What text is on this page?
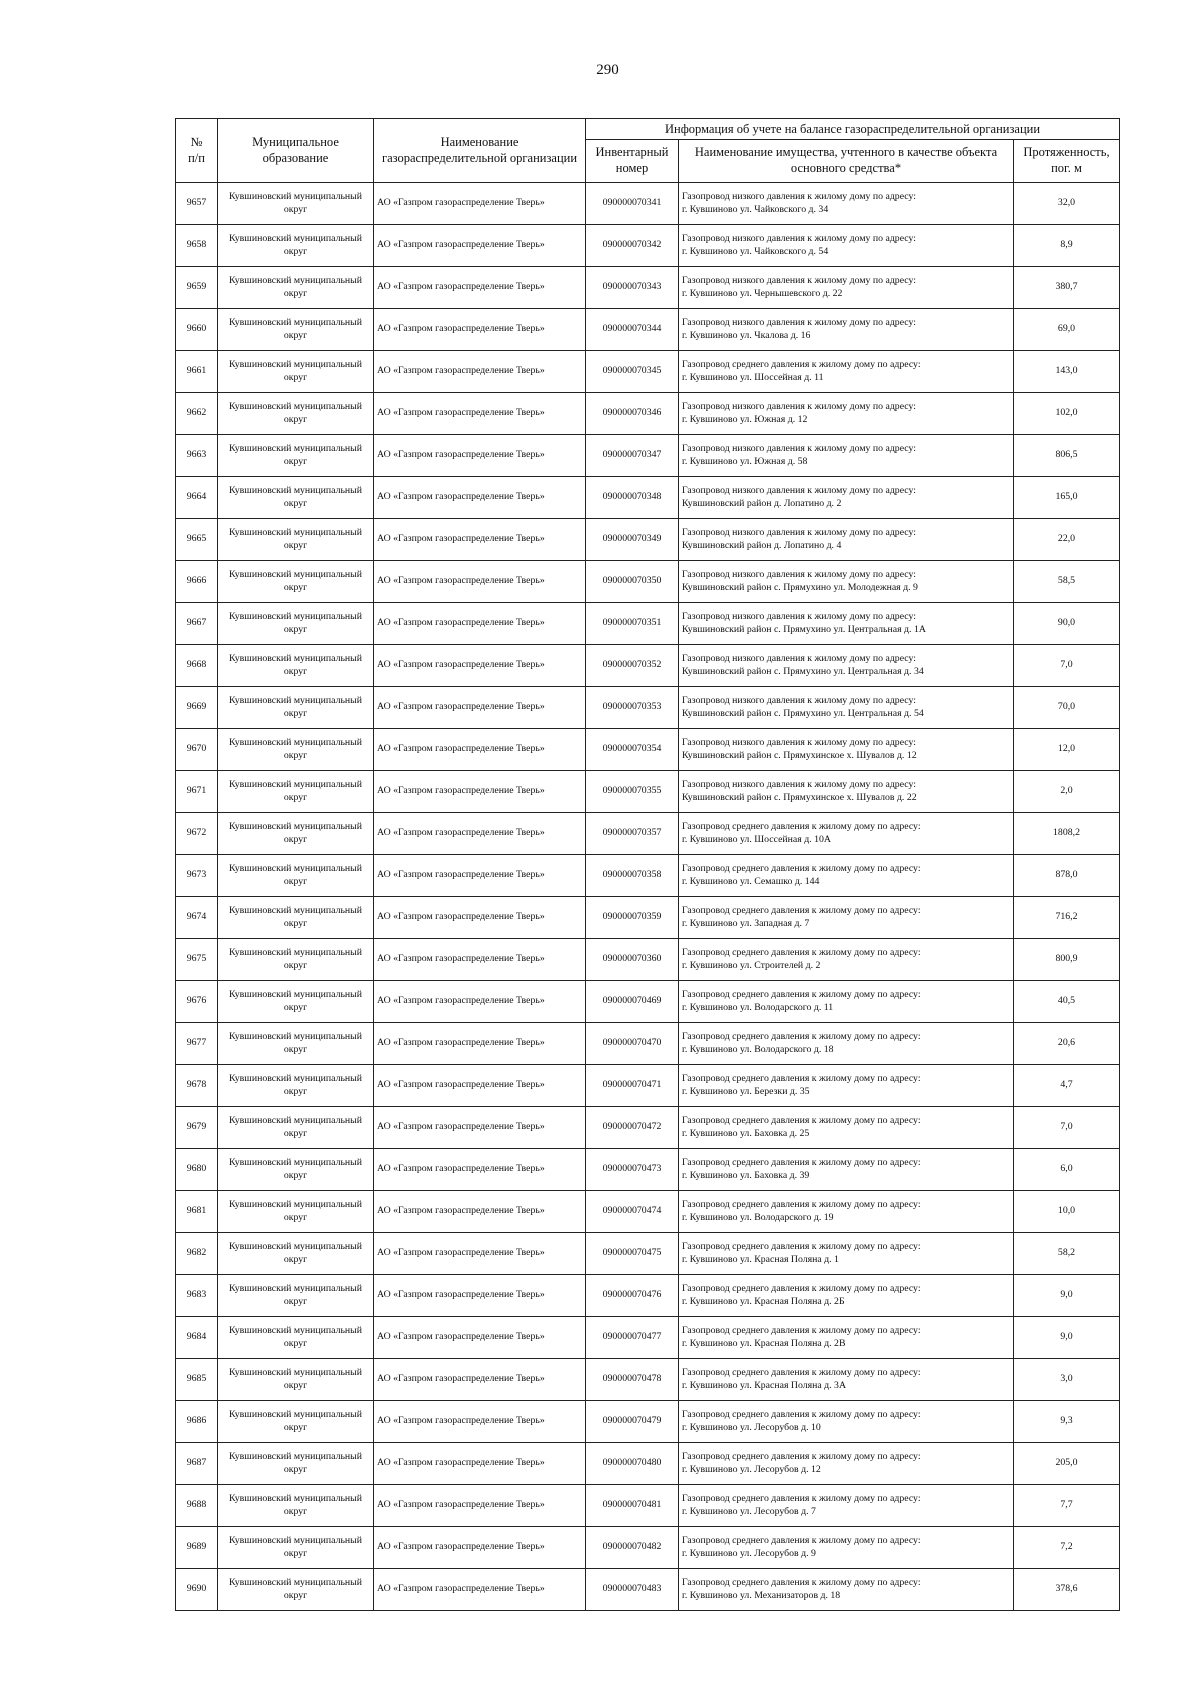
290
№
п/п	Муниципальное образование	Наименование газораспределительной организации	Информация об учете на балансе газораспределительной организации		
			Инвентарный номер	Наименование имущества, учтенного в качестве объекта основного средства*	Протяженность, пог. м
9657	Кувшиновский муниципальный округ	АО «Газпром газораспределение Тверь»	090000070341	Газопровод низкого давления к жилому дому по адресу:
г. Кувшиново ул. Чайковского д. 34	32,0
9658	Кувшиновский муниципальный округ	АО «Газпром газораспределение Тверь»	090000070342	Газопровод низкого давления к жилому дому по адресу:
г. Кувшиново ул. Чайковского д. 54	8,9
9659	Кувшиновский муниципальный округ	АО «Газпром газораспределение Тверь»	090000070343	Газопровод низкого давления к жилому дому по адресу:
г. Кувшиново ул. Чернышевского д. 22	380,7
9660	Кувшиновский муниципальный округ	АО «Газпром газораспределение Тверь»	090000070344	Газопровод низкого давления к жилому дому по адресу:
г. Кувшиново ул. Чкалова д. 16	69,0
9661	Кувшиновский муниципальный округ	АО «Газпром газораспределение Тверь»	090000070345	Газопровод среднего давления к жилому дому по адресу:
г. Кувшиново ул. Шоссейная д. 11	143,0
9662	Кувшиновский муниципальный округ	АО «Газпром газораспределение Тверь»	090000070346	Газопровод низкого давления к жилому дому по адресу:
г. Кувшиново ул. Южная д. 12	102,0
9663	Кувшиновский муниципальный округ	АО «Газпром газораспределение Тверь»	090000070347	Газопровод низкого давления к жилому дому по адресу:
г. Кувшиново ул. Южная д. 58	806,5
9664	Кувшиновский муниципальный округ	АО «Газпром газораспределение Тверь»	090000070348	Газопровод низкого давления к жилому дому по адресу:
Кувшиновский район д. Лопатино д. 2	165,0
9665	Кувшиновский муниципальный округ	АО «Газпром газораспределение Тверь»	090000070349	Газопровод низкого давления к жилому дому по адресу:
Кувшиновский район д. Лопатино д. 4	22,0
9666	Кувшиновский муниципальный округ	АО «Газпром газораспределение Тверь»	090000070350	Газопровод низкого давления к жилому дому по адресу:
Кувшиновский район с. Прямухино ул. Молодежная д. 9	58,5
9667	Кувшиновский муниципальный округ	АО «Газпром газораспределение Тверь»	090000070351	Газопровод низкого давления к жилому дому по адресу:
Кувшиновский район с. Прямухино ул. Центральная д. 1А	90,0
9668	Кувшиновский муниципальный округ	АО «Газпром газораспределение Тверь»	090000070352	Газопровод низкого давления к жилому дому по адресу:
Кувшиновский район с. Прямухино ул. Центральная д. 34	7,0
9669	Кувшиновский муниципальный округ	АО «Газпром газораспределение Тверь»	090000070353	Газопровод низкого давления к жилому дому по адресу:
Кувшиновский район с. Прямухино ул. Центральная д. 54	70,0
9670	Кувшиновский муниципальный округ	АО «Газпром газораспределение Тверь»	090000070354	Газопровод низкого давления к жилому дому по адресу:
Кувшиновский район с. Прямухинское х. Шувалов д. 12	12,0
9671	Кувшиновский муниципальный округ	АО «Газпром газораспределение Тверь»	090000070355	Газопровод низкого давления к жилому дому по адресу:
Кувшиновский район с. Прямухинское х. Шувалов д. 22	2,0
9672	Кувшиновский муниципальный округ	АО «Газпром газораспределение Тверь»	090000070357	Газопровод среднего давления к жилому дому по адресу:
г. Кувшиново ул. Шоссейная д. 10А	1808,2
9673	Кувшиновский муниципальный округ	АО «Газпром газораспределение Тверь»	090000070358	Газопровод среднего давления к жилому дому по адресу:
г. Кувшиново ул. Семашко д. 144	878,0
9674	Кувшиновский муниципальный округ	АО «Газпром газораспределение Тверь»	090000070359	Газопровод среднего давления к жилому дому по адресу:
г. Кувшиново ул. Западная д. 7	716,2
9675	Кувшиновский муниципальный округ	АО «Газпром газораспределение Тверь»	090000070360	Газопровод среднего давления к жилому дому по адресу:
г. Кувшиново ул. Строителей д. 2	800,9
9676	Кувшиновский муниципальный округ	АО «Газпром газораспределение Тверь»	090000070469	Газопровод среднего давления к жилому дому по адресу:
г. Кувшиново ул. Володарского д. 11	40,5
9677	Кувшиновский муниципальный округ	АО «Газпром газораспределение Тверь»	090000070470	Газопровод среднего давления к жилому дому по адресу:
г. Кувшиново ул. Володарского д. 18	20,6
9678	Кувшиновский муниципальный округ	АО «Газпром газораспределение Тверь»	090000070471	Газопровод среднего давления к жилому дому по адресу:
г. Кувшиново ул. Березки д. 35	4,7
9679	Кувшиновский муниципальный округ	АО «Газпром газораспределение Тверь»	090000070472	Газопровод среднего давления к жилому дому по адресу:
г. Кувшиново ул. Баховка д. 25	7,0
9680	Кувшиновский муниципальный округ	АО «Газпром газораспределение Тверь»	090000070473	Газопровод среднего давления к жилому дому по адресу:
г. Кувшиново ул. Баховка д. 39	6,0
9681	Кувшиновский муниципальный округ	АО «Газпром газораспределение Тверь»	090000070474	Газопровод среднего давления к жилому дому по адресу:
г. Кувшиново ул. Володарского д. 19	10,0
9682	Кувшиновский муниципальный округ	АО «Газпром газораспределение Тверь»	090000070475	Газопровод среднего давления к жилому дому по адресу:
г. Кувшиново ул. Красная Поляна д. 1	58,2
9683	Кувшиновский муниципальный округ	АО «Газпром газораспределение Тверь»	090000070476	Газопровод среднего давления к жилому дому по адресу:
г. Кувшиново ул. Красная Поляна д. 2Б	9,0
9684	Кувшиновский муниципальный округ	АО «Газпром газораспределение Тверь»	090000070477	Газопровод среднего давления к жилому дому по адресу:
г. Кувшиново ул. Красная Поляна д. 2В	9,0
9685	Кувшиновский муниципальный округ	АО «Газпром газораспределение Тверь»	090000070478	Газопровод среднего давления к жилому дому по адресу:
г. Кувшиново ул. Красная Поляна д. 3А	3,0
9686	Кувшиновский муниципальный округ	АО «Газпром газораспределение Тверь»	090000070479	Газопровод среднего давления к жилому дому по адресу:
г. Кувшиново ул. Лесорубов д. 10	9,3
9687	Кувшиновский муниципальный округ	АО «Газпром газораспределение Тверь»	090000070480	Газопровод среднего давления к жилому дому по адресу:
г. Кувшиново ул. Лесорубов д. 12	205,0
9688	Кувшиновский муниципальный округ	АО «Газпром газораспределение Тверь»	090000070481	Газопровод среднего давления к жилому дому по адресу:
г. Кувшиново ул. Лесорубов д. 7	7,7
9689	Кувшиновский муниципальный округ	АО «Газпром газораспределение Тверь»	090000070482	Газопровод среднего давления к жилому дому по адресу:
г. Кувшиново ул. Лесорубов д. 9	7,2
9690	Кувшиновский муниципальный округ	АО «Газпром газораспределение Тверь»	090000070483	Газопровод среднего давления к жилому дому по адресу:
г. Кувшиново ул. Механизаторов д. 18	378,6
